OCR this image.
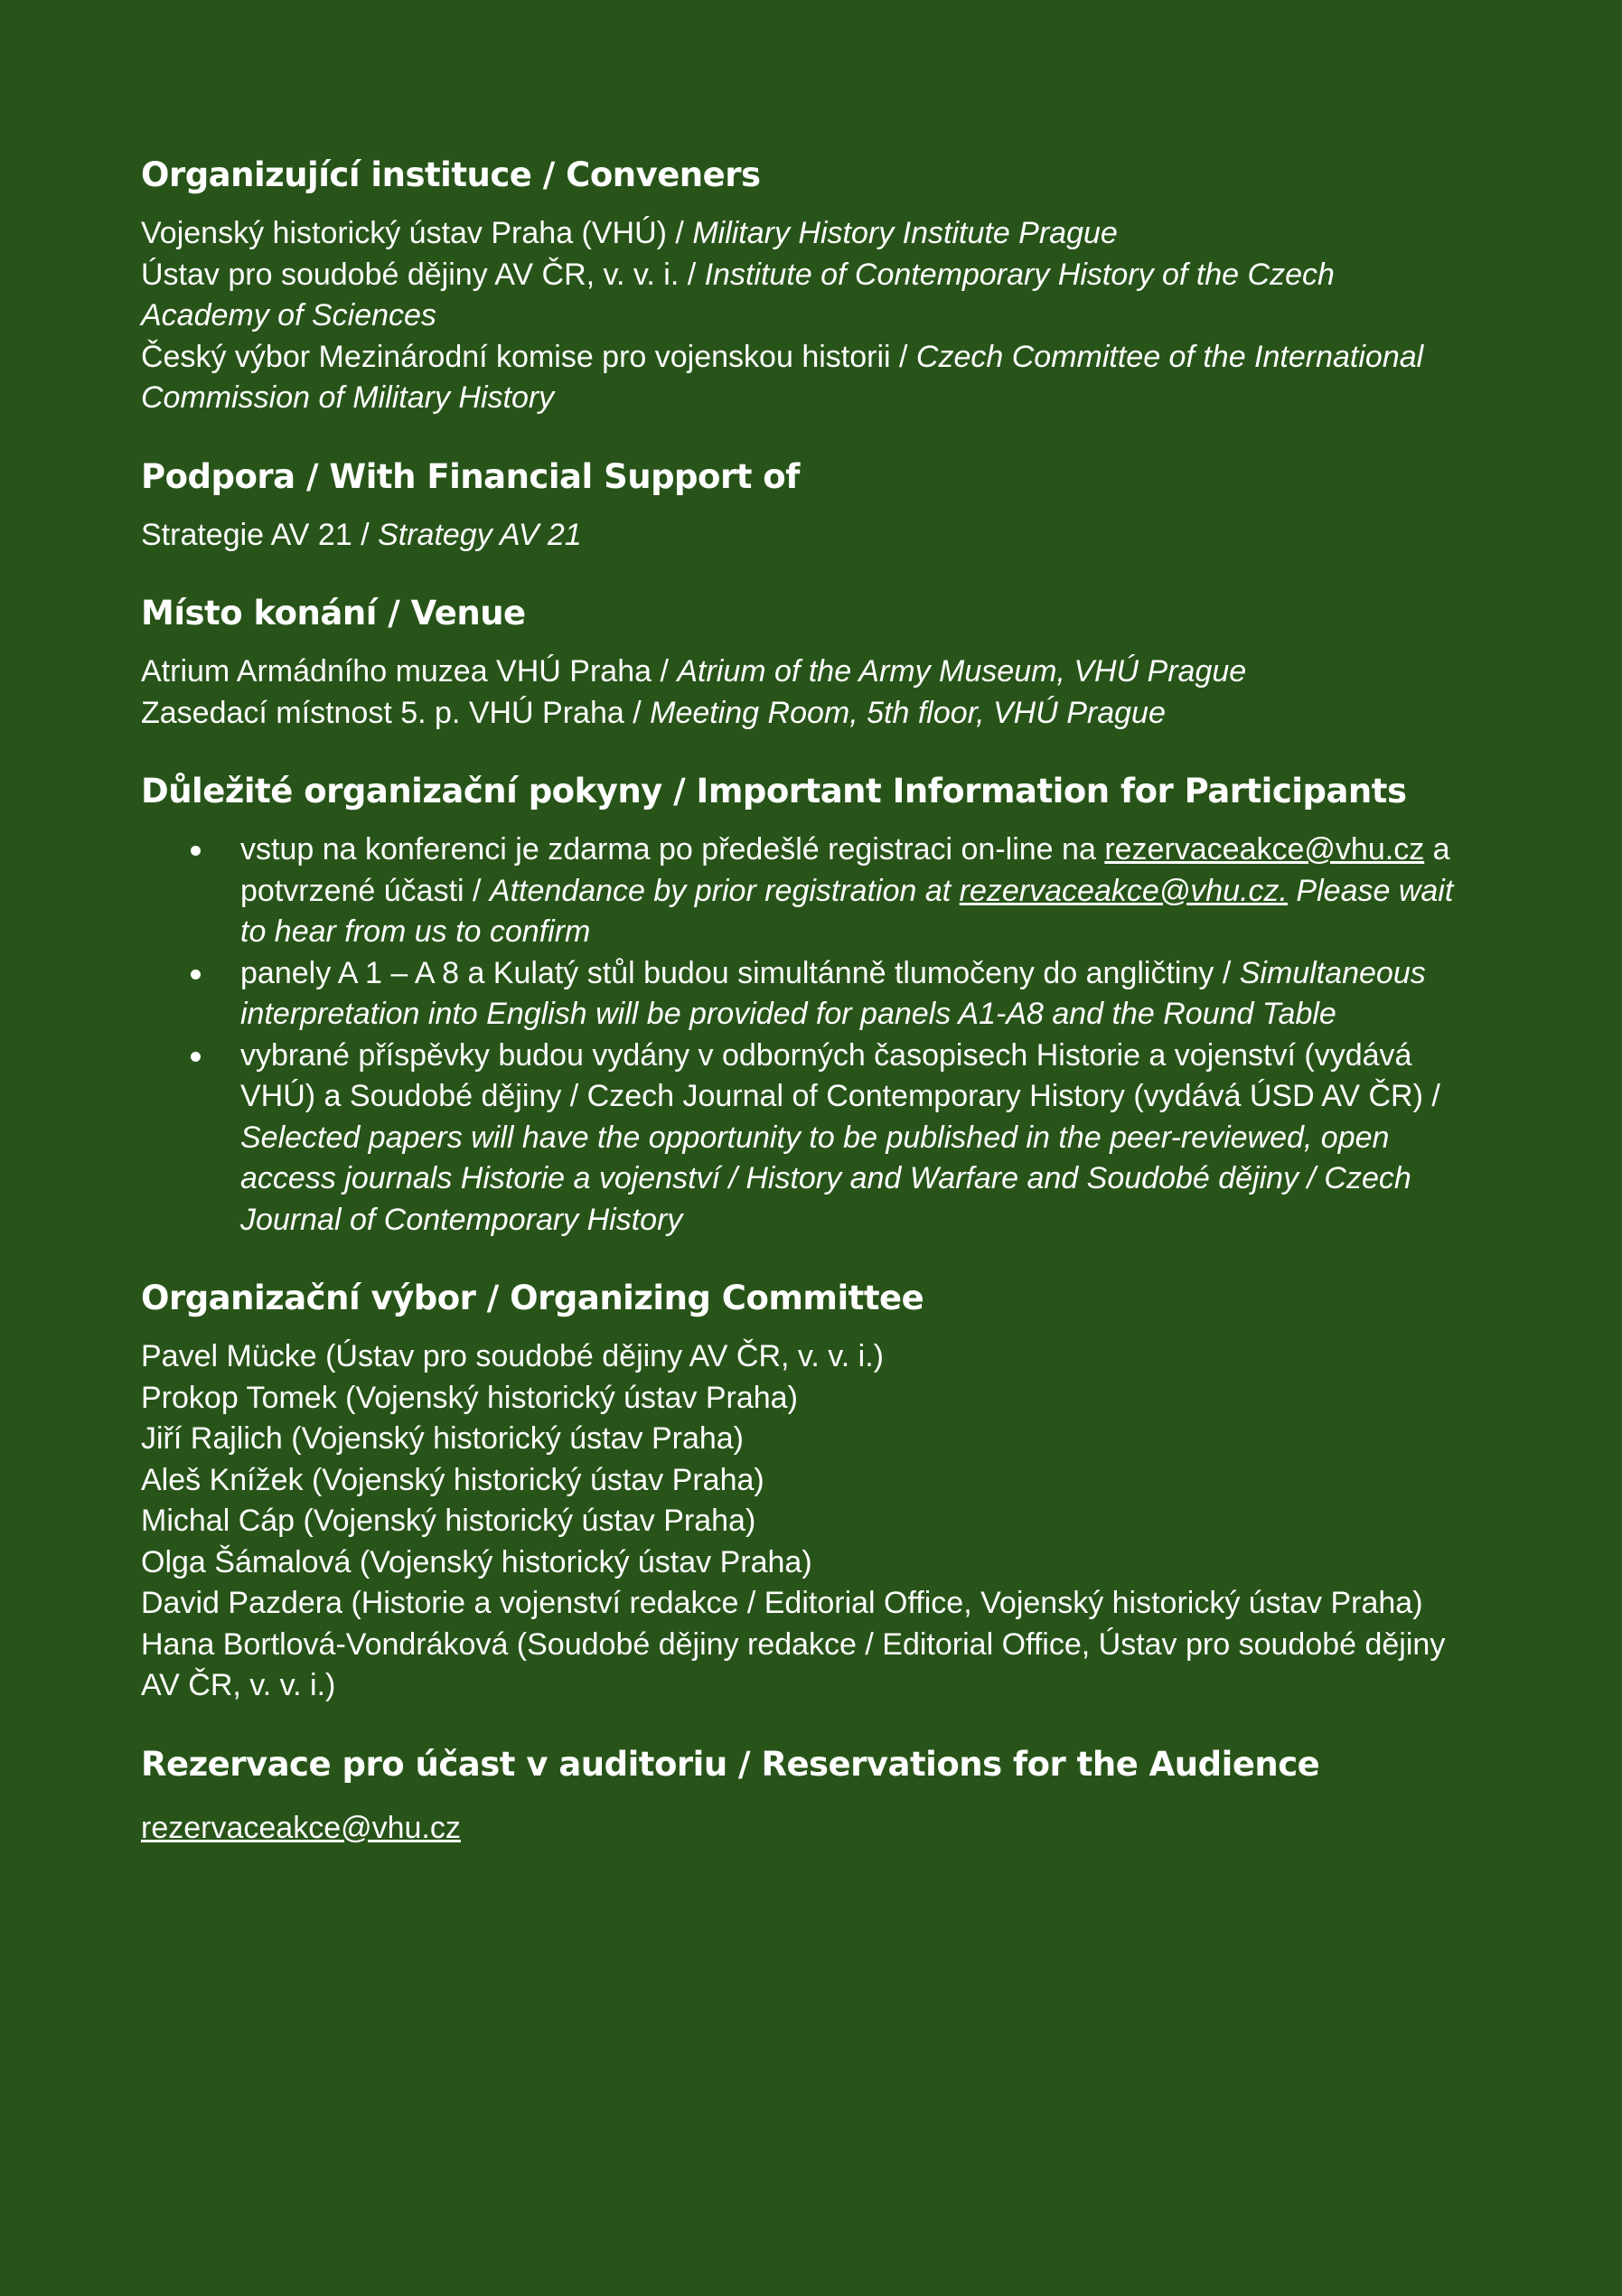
Organizující instituce / Conveners

Vojenský historický ústav Praha (VHÚ) / Military History Institute Prague
Ústav pro soudobé dějiny AV ČR, v. v. i. / Institute of Contemporary History of the Czech Academy of Sciences
Český výbor Mezinárodní komise pro vojenskou historii / Czech Committee of the International Commission of Military History

Podpora / With Financial Support of

Strategie AV 21 / Strategy AV 21

Místo konání / Venue

Atrium Armádního muzea VHÚ Praha / Atrium of the Army Museum, VHÚ Prague
Zasedací místnost 5. p. VHÚ Praha / Meeting Room, 5th floor, VHÚ Prague

Důležité organizační pokyny / Important Information for Participants
vstup na konferenci je zdarma po předešlé registraci on-line na rezervaceakce@vhu.cz a potvrzené účasti / Attendance by prior registration at rezervaceakce@vhu.cz. Please wait to hear from us to confirm
panely A 1 – A 8 a Kulatý stůl budou simultánně tlumočeny do angličtiny / Simultaneous interpretation into English will be provided for panels A1-A8 and the Round Table
vybrané příspěvky budou vydány v odborných časopisech Historie a vojenství (vydává VHÚ) a Soudobé dějiny / Czech Journal of Contemporary History (vydává ÚSD AV ČR) / Selected papers will have the opportunity to be published in the peer-reviewed, open access journals Historie a vojenství / History and Warfare and Soudobé dějiny / Czech Journal of Contemporary History
Organizační výbor / Organizing Committee

Pavel Mücke (Ústav pro soudobé dějiny AV ČR, v. v. i.)
Prokop Tomek (Vojenský historický ústav Praha)
Jiří Rajlich (Vojenský historický ústav Praha)
Aleš Knížek (Vojenský historický ústav Praha)
Michal Cáp (Vojenský historický ústav Praha)
Olga Šámalová (Vojenský historický ústav Praha)
David Pazdera (Historie a vojenství redakce / Editorial Office, Vojenský historický ústav Praha)
Hana Bortlová-Vondráková (Soudobé dějiny redakce / Editorial Office, Ústav pro soudobé dějiny AV ČR, v. v. i.)

Rezervace pro účast v auditoriu / Reservations for the Audience
rezervaceakce@vhu.cz
